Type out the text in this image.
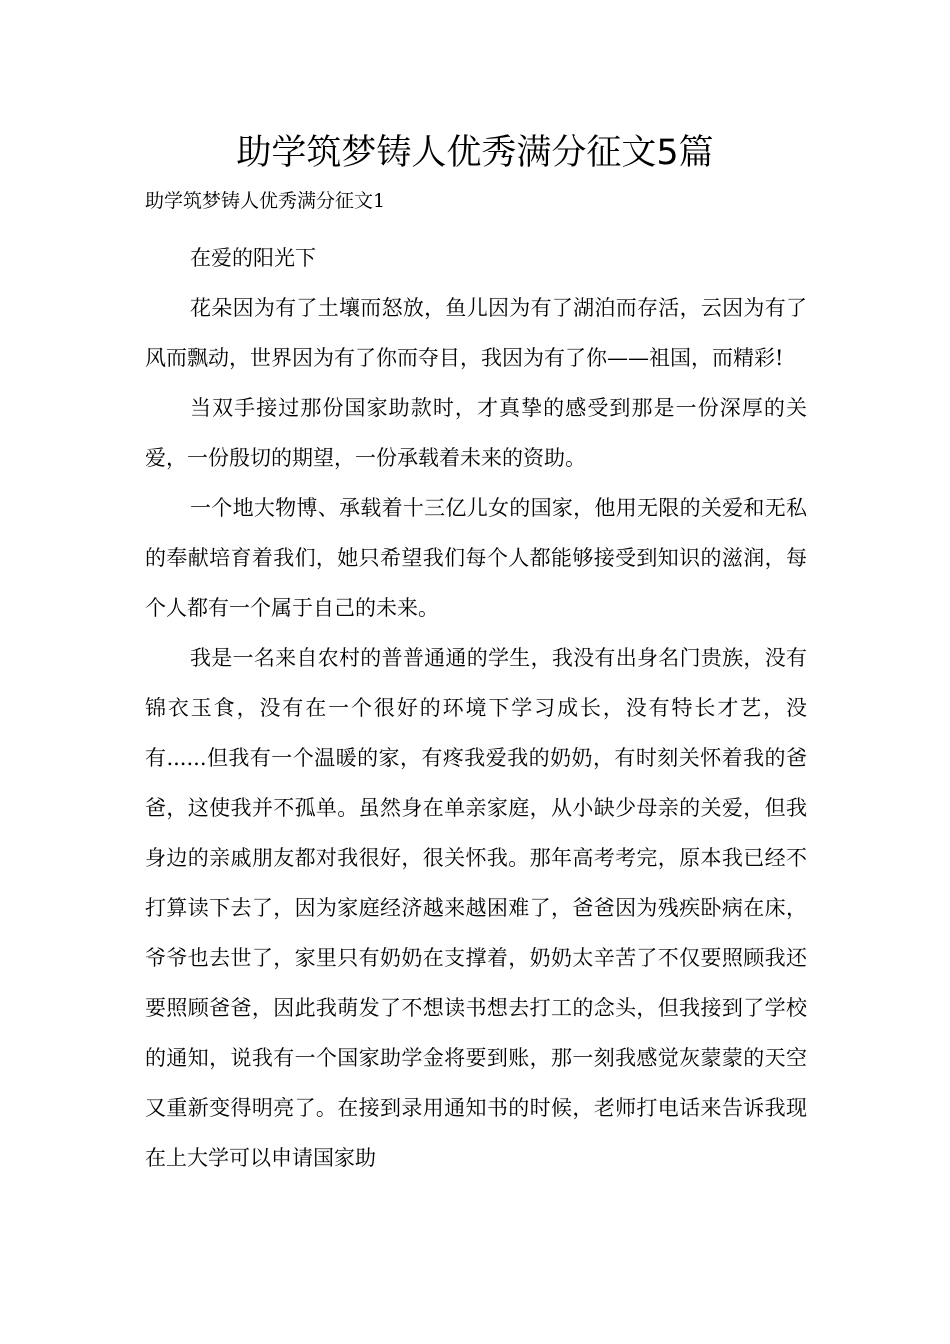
助学筑梦铸人优秀满分征文5篇

助学筑梦铸人优秀满分征文1

在爱的阳光下

花朵因为有了土壤而怒放，鱼儿因为有了湖泊而存活，云因为有了风而飘动，世界因为有了你而夺目，我因为有了你——祖国，而精彩!

当双手接过那份国家助款时，才真挚的感受到那是一份深厚的关爱，一份殷切的期望，一份承载着未来的资助。

一个地大物博、承载着十三亿儿女的国家，他用无限的关爱和无私的奉献培育着我们，她只希望我们每个人都能够接受到知识的滋润，每个人都有一个属于自己的未来。

我是一名来自农村的普普通通的学生，我没有出身名门贵族，没有锦衣玉食，没有在一个很好的环境下学习成长，没有特长才艺，没有......但我有一个温暖的家，有疼我爱我的奶奶，有时刻关怀着我的爸爸，这使我并不孤单。虽然身在单亲家庭，从小缺少母亲的关爱，但我身边的亲戚朋友都对我很好，很关怀我。那年高考考完，原本我已经不打算读下去了，因为家庭经济越来越困难了，爸爸因为残疾卧病在床，爷爷也去世了，家里只有奶奶在支撑着，奶奶太辛苦了不仅要照顾我还要照顾爸爸，因此我萌发了不想读书想去打工的念头，但我接到了学校的通知，说我有一个国家助学金将要到账，那一刻我感觉灰蒙蒙的天空又重新变得明亮了。在接到录用通知书的时候，老师打电话来告诉我现在上大学可以申请国家助
